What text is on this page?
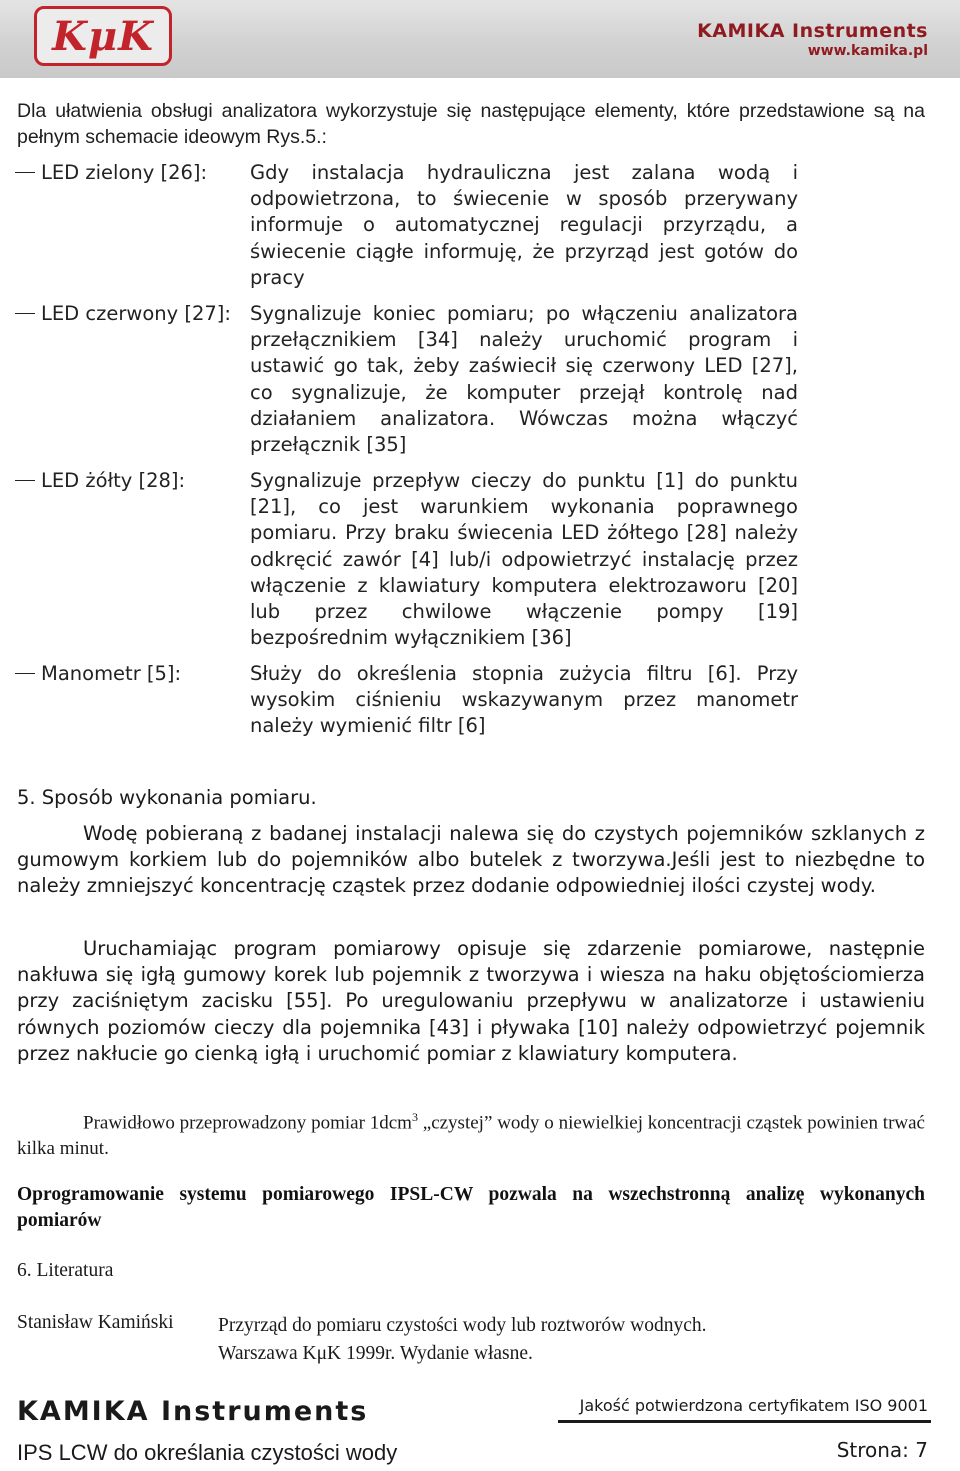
KμK	KAMIKA Instruments
www.kamika.pl
Dla ułatwienia obsługi analizatora wykorzystuje się następujące elementy, które przedstawione są na pełnym schemacie ideowym Rys.5.:
LED zielony [26]: Gdy instalacja hydrauliczna jest zalana wodą i odpowietrzona, to świecenie w sposób przerywany informuje o automatycznej regulacji przyrządu, a świecenie ciągłe informuję, że przyrząd jest gotów do pracy
LED czerwony [27]: Sygnalizuje koniec pomiaru; po włączeniu analizatora przełącznikiem [34] należy uruchomić program i ustawić go tak, żeby zaświecił się czerwony LED [27], co sygnalizuje, że komputer przejął kontrolę nad działaniem analizatora. Wówczas można włączyć przełącznik [35]
LED żółty [28]:	Sygnalizuje przepływ cieczy do punktu [1] do punktu [21], co jest warunkiem wykonania poprawnego pomiaru. Przy braku świecenia LED żółtego [28] należy odkręcić zawór [4] lub/i odpowietrzyć instalację przez włączenie z klawiatury komputera elektrozaworu [20] lub przez chwilowe włączenie pompy [19] bezpośrednim wyłącznikiem [36]
Manometr [5]:	Służy do określenia stopnia zużycia filtru [6]. Przy wysokim ciśnieniu wskazywanym przez manometr należy wymienić filtr [6]
5. Sposób wykonania pomiaru.
Wodę pobieraną z badanej instalacji nalewa się do czystych pojemników szklanych z gumowym korkiem lub do pojemników albo butelek z tworzywa.Jeśli jest to niezbędne to należy zmniejszyć koncentrację cząstek przez dodanie odpowiedniej ilości czystej wody.
Uruchamiając program pomiarowy opisuje się zdarzenie pomiarowe, następnie nakłuwa się igłą gumowy korek lub pojemnik z tworzywa i wiesza na haku objętościomierza przy zaciśniętym zacisku [55]. Po uregulowaniu przepływu w analizatorze i ustawieniu równych poziomów cieczy dla pojemnika [43] i pływaka [10] należy odpowietrzyć pojemnik przez nakłucie go cienką igłą i uruchomić pomiar z klawiatury komputera.
Prawidłowo przeprowadzony pomiar 1dcm$^3$ „czystej” wody o niewielkiej koncentracji cząstek powinien trwać kilka minut.
Oprogramowanie systemu pomiarowego IPSL-CW pozwala na wszechstronną analizę wykonanych pomiarów
6. Literatura
Stanisław Kamiński Przyrząd do pomiaru czystości wody lub roztworów wodnych.
Warszawa KμK 1999r. Wydanie własne.
KAMIKA Instruments	Jakość potwierdzona certyfikatem ISO 9001
IPS LCW do określania czystości wody	Strona: 7
